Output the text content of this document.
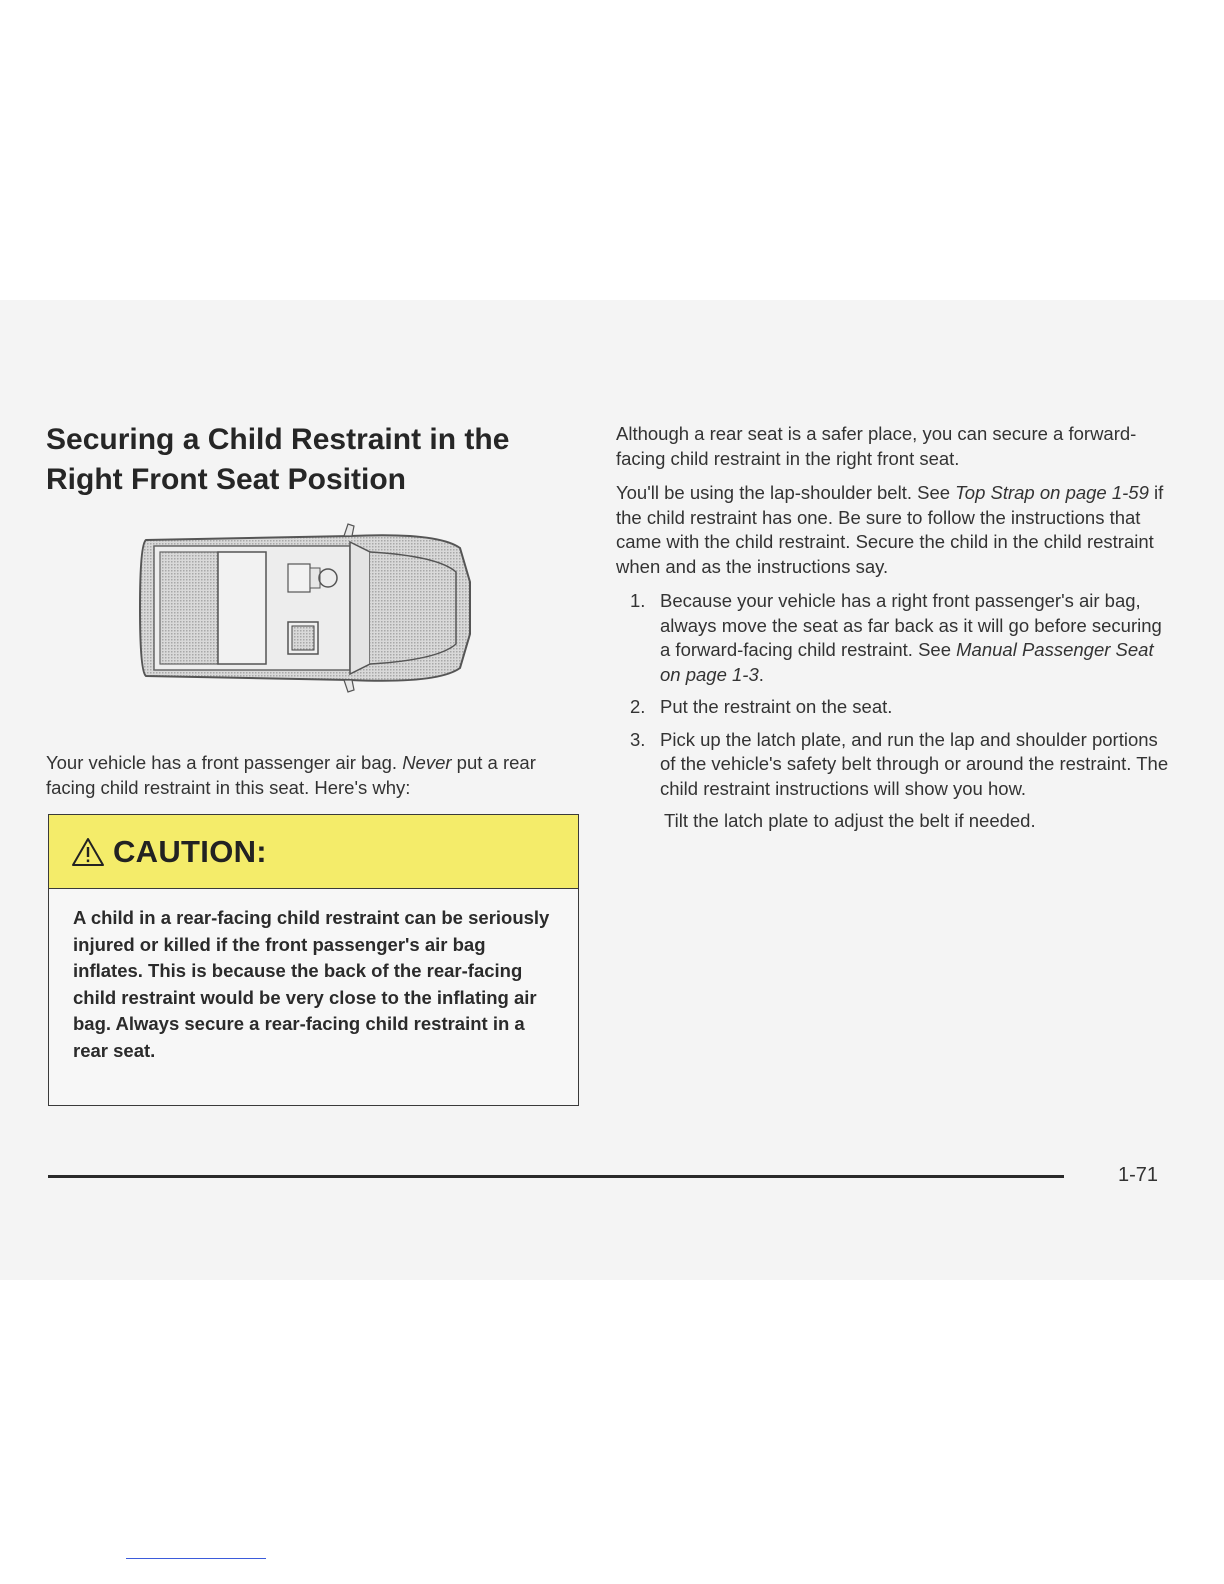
Securing a Child Restraint in the
Right Front Seat Position

Your vehicle has a front passenger air bag. Never put a rear facing child restraint in this seat. Here's why:

CAUTION:

A child in a rear-facing child restraint can be seriously injured or killed if the front passenger's air bag inflates. This is because the back of the rear-facing child restraint would be very close to the inflating air bag. Always secure a rear-facing child restraint in a rear seat.

Although a rear seat is a safer place, you can secure a forward-facing child restraint in the right front seat.

You'll be using the lap-shoulder belt. See Top Strap on page 1-59 if the child restraint has one. Be sure to follow the instructions that came with the child restraint. Secure the child in the child restraint when and as the instructions say.

1. Because your vehicle has a right front passenger's air bag, always move the seat as far back as it will go before securing a forward-facing child restraint. See Manual Passenger Seat on page 1-3.
2. Put the restraint on the seat.
3. Pick up the latch plate, and run the lap and shoulder portions of the vehicle's safety belt through or around the restraint. The child restraint instructions will show you how.
Tilt the latch plate to adjust the belt if needed.
1-71
